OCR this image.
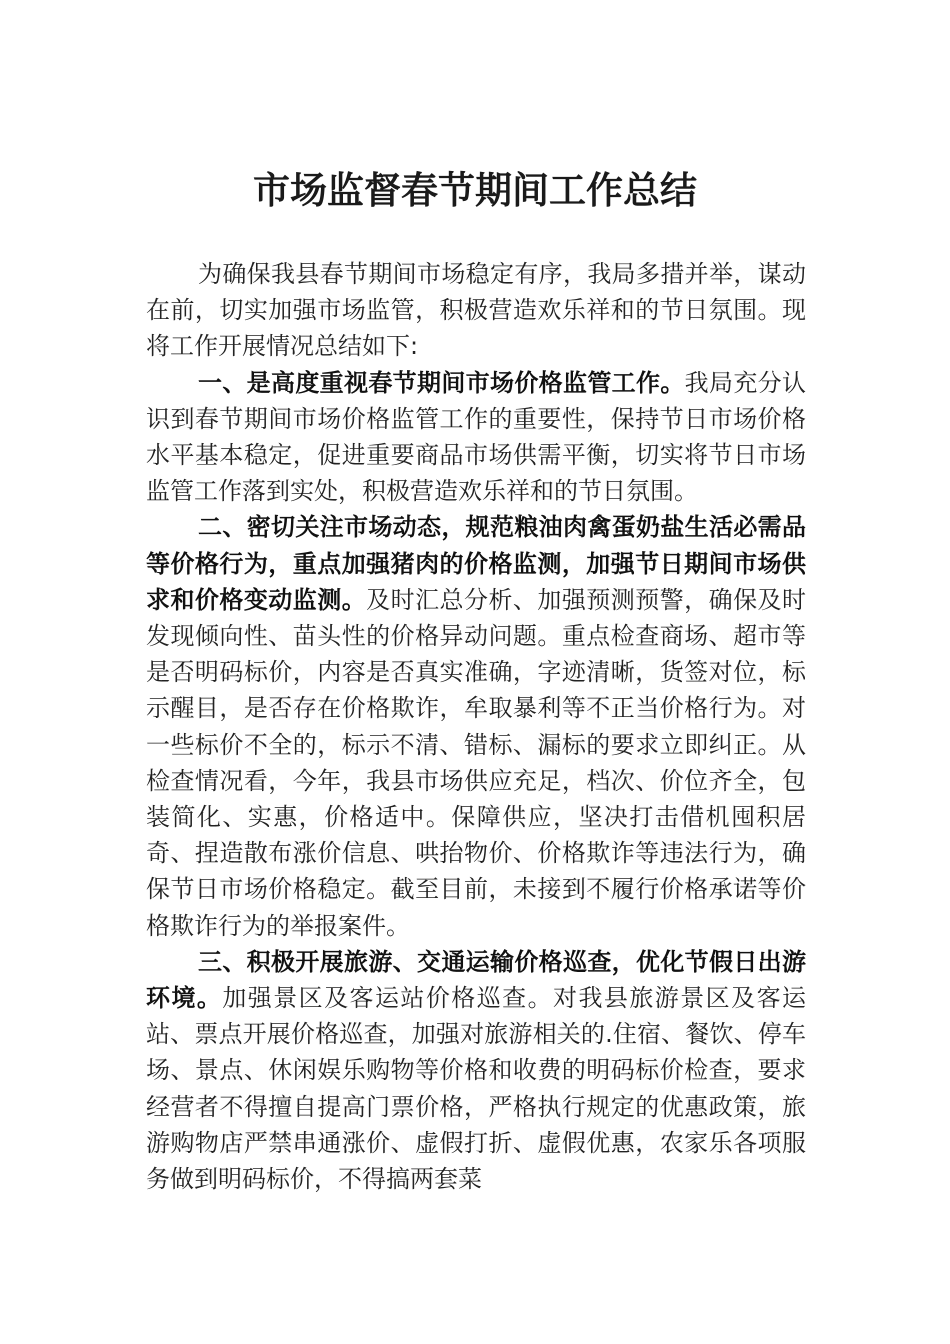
市场监督春节期间工作总结

为确保我县春节期间市场稳定有序，我局多措并举，谋动在前，切实加强市场监管，积极营造欢乐祥和的节日氛围。现将工作开展情况总结如下:

一、是高度重视春节期间市场价格监管工作。我局充分认识到春节期间市场价格监管工作的重要性，保持节日市场价格水平基本稳定，促进重要商品市场供需平衡，切实将节日市场监管工作落到实处，积极营造欢乐祥和的节日氛围。

二、密切关注市场动态，规范粮油肉禽蛋奶盐生活必需品等价格行为，重点加强猪肉的价格监测，加强节日期间市场供求和价格变动监测。及时汇总分析、加强预测预警，确保及时发现倾向性、苗头性的价格异动问题。重点检查商场、超市等是否明码标价，内容是否真实准确，字迹清晰，货签对位，标示醒目，是否存在价格欺诈，牟取暴利等不正当价格行为。对一些标价不全的，标示不清、错标、漏标的要求立即纠正。从检查情况看，今年，我县市场供应充足，档次、价位齐全，包装简化、实惠，价格适中。保障供应，坚决打击借机囤积居奇、捏造散布涨价信息、哄抬物价、价格欺诈等违法行为，确保节日市场价格稳定。截至目前，未接到不履行价格承诺等价格欺诈行为的举报案件。

三、积极开展旅游、交通运输价格巡查，优化节假日出游环境。加强景区及客运站价格巡查。对我县旅游景区及客运站、票点开展价格巡查，加强对旅游相关的.住宿、餐饮、停车场、景点、休闲娱乐购物等价格和收费的明码标价检查，要求经营者不得擅自提高门票价格，严格执行规定的优惠政策，旅游购物店严禁串通涨价、虚假打折、虚假优惠，农家乐各项服务做到明码标价，不得搞两套菜
